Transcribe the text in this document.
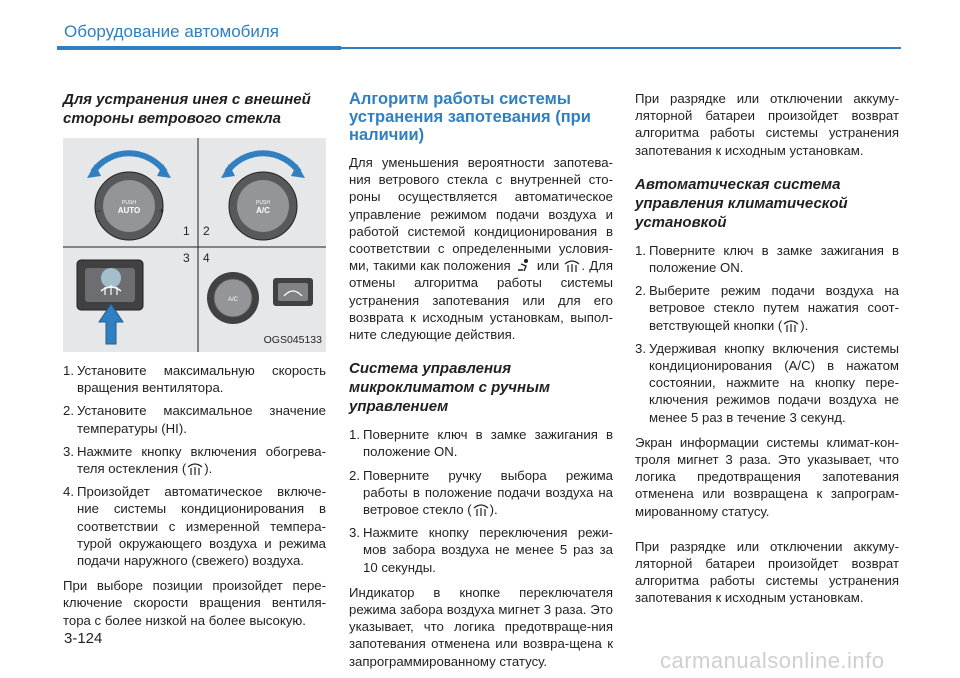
Оборудование автомобиля
Для устранения инея с внешней стороны ветрового стекла
PUSH
AUTO
−	+
PUSH
A/C
1 2
3 4
A/C
OGS045133
1. Установите максимальную скорость вращения вентилятора.
2. Установите максимальное значение температуры (HI).
3. Нажмите кнопку включения обогрева-теля остекления ( ).
4. Произойдет автоматическое включе-ние системы кондиционирования в соответствии с измеренной темпера-турой окружающего воздуха и режима подачи наружного (свежего) воздуха.

При выборе позиции произойдет пере-ключение скорости вращения вентиля-тора с более низкой на более высокую.

Алгоритм работы системы устранения запотевания (при наличии)

Для уменьшения вероятности запотева-ния ветрового стекла с внутренней сто-роны осуществляется автоматическое управление режимом подачи воздуха и работой системой кондиционирования в соответствии с определенными условия-ми, такими как положения или . Для отмены алгоритма работы системы устранения запотевания или для его возврата к исходным установкам, выпол-ните следующие действия.

Система управления микроклиматом с ручным управлением
1. Поверните ключ в замке зажигания в положение ON.
2. Поверните ручку выбора режима работы в положение подачи воздуха на ветровое стекло ( ).
3. Нажмите кнопку переключения режи-мов забора воздуха не менее 5 раз за 10 секунды.

Индикатор в кнопке переключателя режима забора воздуха мигнет 3 раза. Это указывает, что логика предотвраще-ния запотевания отменена или возвра-щена к запрограммированному статусу.

При разрядке или отключении аккуму-ляторной батареи произойдет возврат алгоритма работы системы устранения запотевания к исходным установкам.

Автоматическая система управления климатической установкой
1. Поверните ключ в замке зажигания в положение ON.
2. Выберите режим подачи воздуха на ветровое стекло путем нажатия соот-ветствующей кнопки ( ).
3. Удерживая кнопку включения системы кондиционирования (A/C) в нажатом состоянии, нажмите на кнопку пере-ключения режимов подачи воздуха не менее 5 раз в течение 3 секунд.

Экран информации системы климат-кон-троля мигнет 3 раза. Это указывает, что логика предотвращения запотевания отменена или возвращена к запрограм-мированному статусу.

При разрядке или отключении аккуму-ляторной батареи произойдет возврат алгоритма работы системы устранения запотевания к исходным установкам.

3-124
carmanualsonline.info
